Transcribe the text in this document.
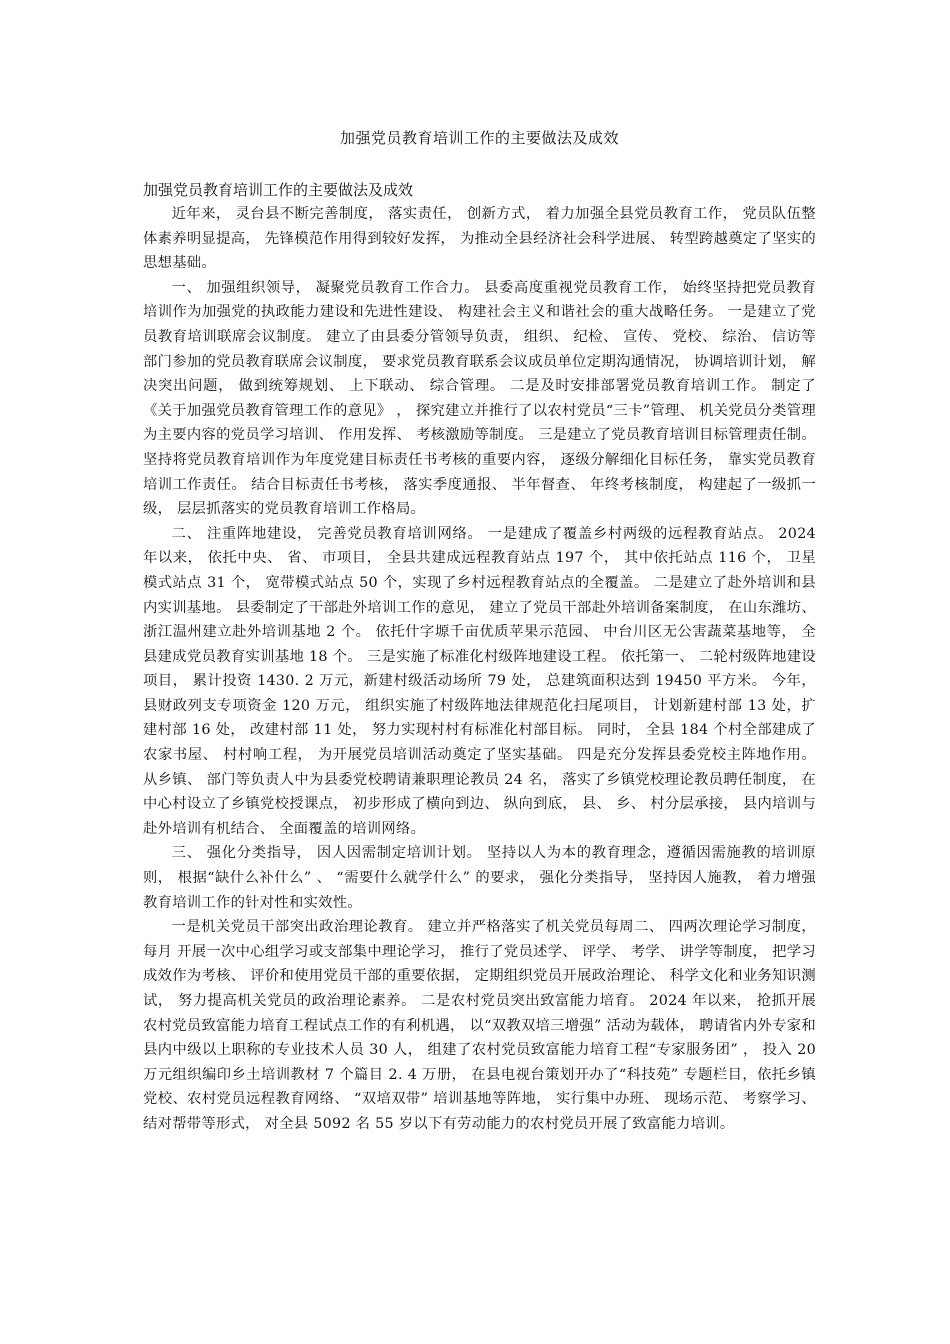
加强党员教育培训工作的主要做法及成效

加强党员教育培训工作的主要做法及成效

近年来， 灵台县不断完善制度， 落实责任， 创新方式， 着力加强全县党员教育工作， 党员队伍整体素养明显提高， 先锋模范作用得到较好发挥， 为推动全县经济社会科学进展、 转型跨越奠定了坚实的思想基础。

一、 加强组织领导， 凝聚党员教育工作合力。 县委高度重视党员教育工作， 始终坚持把党员教育培训作为加强党的执政能力建设和先进性建设、 构建社会主义和谐社会的重大战略任务。 一是建立了党员教育培训联席会议制度。 建立了由县委分管领导负责， 组织、 纪检、 宣传、 党校、 综治、 信访等部门参加的党员教育联席会议制度， 要求党员教育联系会议成员单位定期沟通情况， 协调培训计划， 解决突出问题， 做到统筹规划、 上下联动、 综合管理。 二是及时安排部署党员教育培训工作。 制定了《关于加强党员教育管理工作的意见》 ， 探究建立并推行了以农村党员“三卡”管理、 机关党员分类管理为主要内容的党员学习培训、 作用发挥、 考核激励等制度。 三是建立了党员教育培训目标管理责任制。 坚持将党员教育培训作为年度党建目标责任书考核的重要内容， 逐级分解细化目标任务， 靠实党员教育培训工作责任。 结合目标责任书考核， 落实季度通报、 半年督查、 年终考核制度， 构建起了一级抓一级， 层层抓落实的党员教育培训工作格局。

二、 注重阵地建设， 完善党员教育培训网络。 一是建成了覆盖乡村两级的远程教育站点。 2024 年以来， 依托中央、 省、 市项目， 全县共建成远程教育站点 197 个， 其中依托站点 116 个， 卫星模式站点 31 个， 宽带模式站点 50 个，实现了乡村远程教育站点的全覆盖。 二是建立了赴外培训和县内实训基地。 县委制定了干部赴外培训工作的意见， 建立了党员干部赴外培训备案制度， 在山东潍坊、 浙江温州建立赴外培训基地 2 个。 依托什字塬千亩优质苹果示范园、 中台川区无公害蔬菜基地等， 全县建成党员教育实训基地 18 个。 三是实施了标准化村级阵地建设工程。 依托第一、 二轮村级阵地建设项目， 累计投资 1430. 2 万元，新建村级活动场所 79 处， 总建筑面积达到 19450 平方米。 今年， 县财政列支专项资金 120 万元， 组织实施了村级阵地法律规范化扫尾项目， 计划新建村部 13 处，扩建村部 16 处， 改建村部 11 处， 努力实现村村有标准化村部目标。 同时， 全县 184 个村全部建成了农家书屋、 村村响工程， 为开展党员培训活动奠定了坚实基础。 四是充分发挥县委党校主阵地作用。 从乡镇、 部门等负责人中为县委党校聘请兼职理论教员 24 名， 落实了乡镇党校理论教员聘任制度， 在中心村设立了乡镇党校授课点， 初步形成了横向到边、 纵向到底， 县、 乡、 村分层承接， 县内培训与赴外培训有机结合、 全面覆盖的培训网络。

三、 强化分类指导， 因人因需制定培训计划。 坚持以人为本的教育理念，遵循因需施教的培训原则， 根据“缺什么补什么” 、 “需要什么就学什么” 的要求， 强化分类指导， 坚持因人施教， 着力增强教育培训工作的针对性和实效性。

一是机关党员干部突出政治理论教育。 建立并严格落实了机关党员每周二、 四两次理论学习制度， 每月 开展一次中心组学习或支部集中理论学习， 推行了党员述学、 评学、 考学、 讲学等制度， 把学习成效作为考核、 评价和使用党员干部的重要依据， 定期组织党员开展政治理论、 科学文化和业务知识测试， 努力提高机关党员的政治理论素养。 二是农村党员突出致富能力培育。 2024 年以来， 抢抓开展农村党员致富能力培育工程试点工作的有利机遇， 以“双教双培三增强” 活动为载体， 聘请省内外专家和县内中级以上职称的专业技术人员 30 人， 组建了农村党员致富能力培育工程“专家服务团” ， 投入 20 万元组织编印乡土培训教材 7 个篇目 2. 4 万册， 在县电视台策划开办了“科技苑” 专题栏目，依托乡镇党校、农村党员远程教育网络、 “双培双带” 培训基地等阵地， 实行集中办班、 现场示范、 考察学习、 结对帮带等形式， 对全县 5092 名 55 岁以下有劳动能力的农村党员开展了致富能力培训。
